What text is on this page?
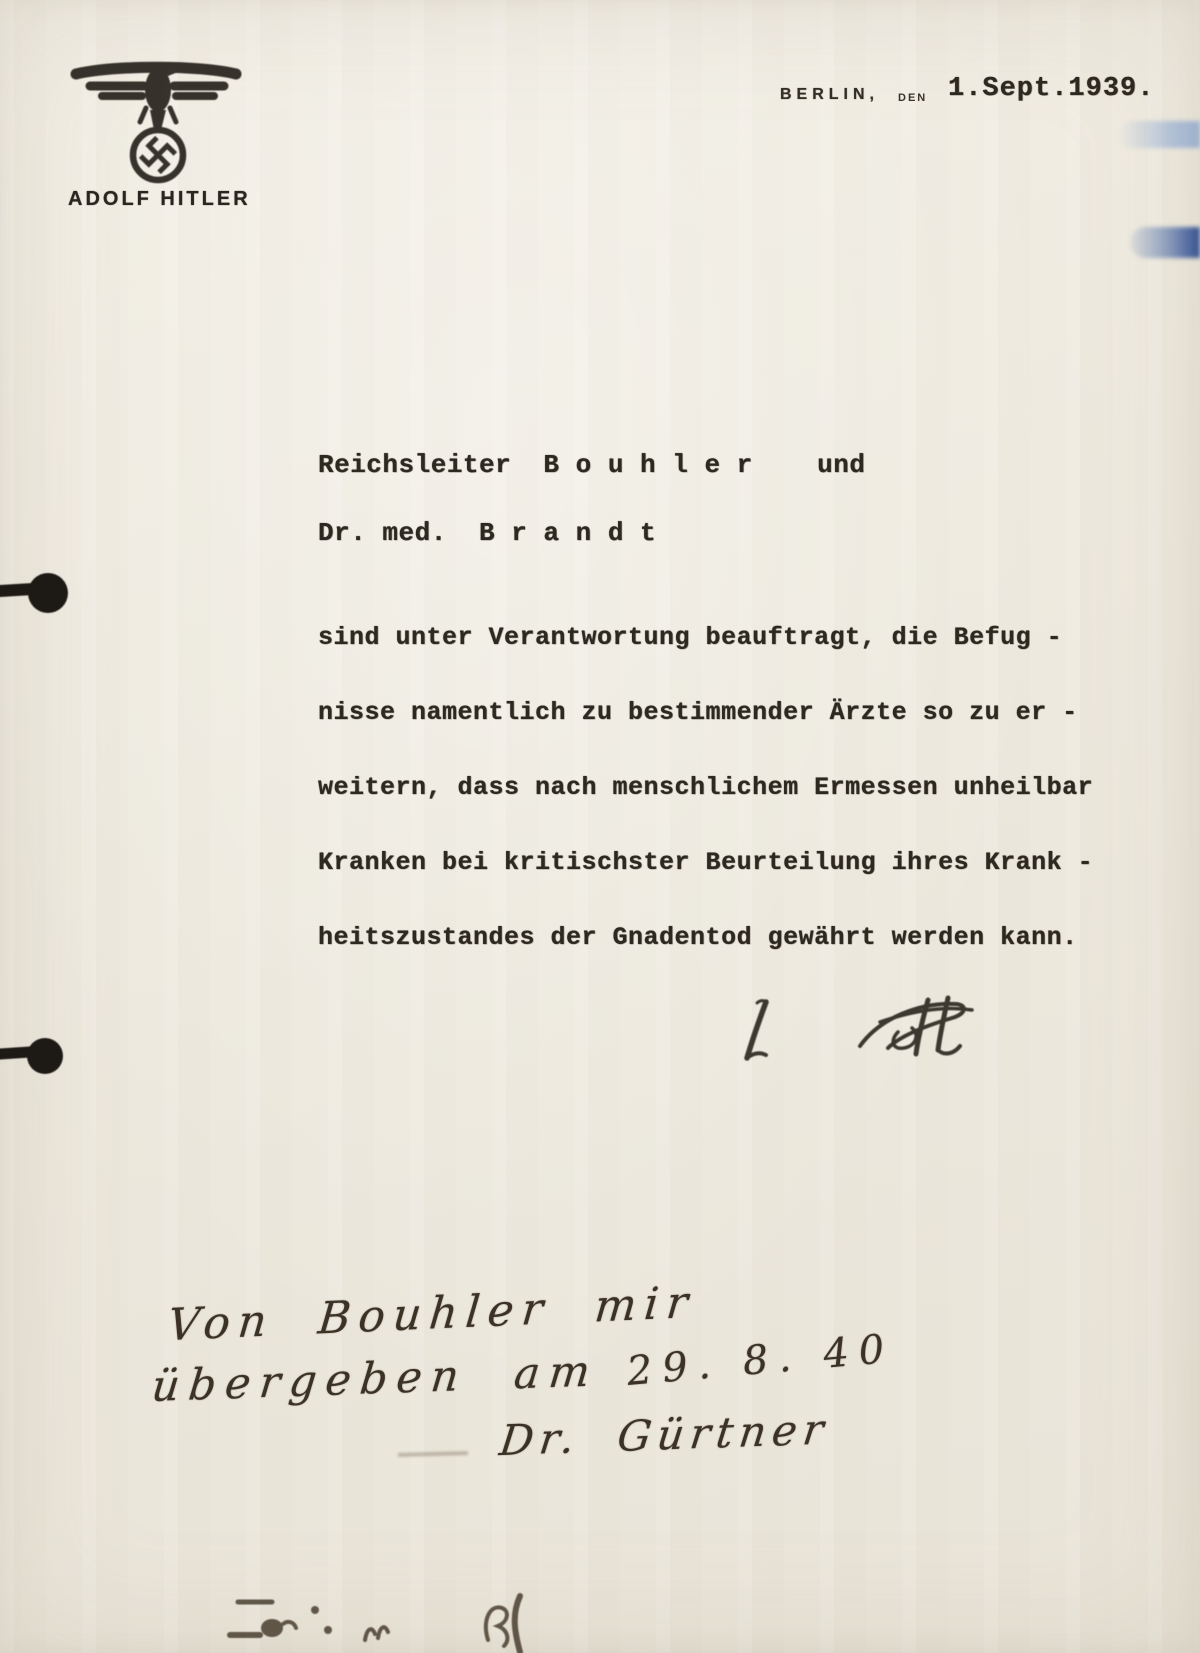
ADOLF HITLER
BERLIN, DEN 1.Sept.1939.
Reichsleiter  B o u h l e r    und
Dr. med.  B r a n d t
sind unter Verantwortung beauftragt, die Befug -
nisse namentlich zu bestimmender Ärzte so zu er -
weitern, dass nach menschlichem Ermessen unheilbar
Kranken bei kritischster Beurteilung ihres Krank -
heitszustandes der Gnadentod gewährt werden kann.
Von Bouhler mir
übergeben am 29. 8. 40
Dr. Gürtner
